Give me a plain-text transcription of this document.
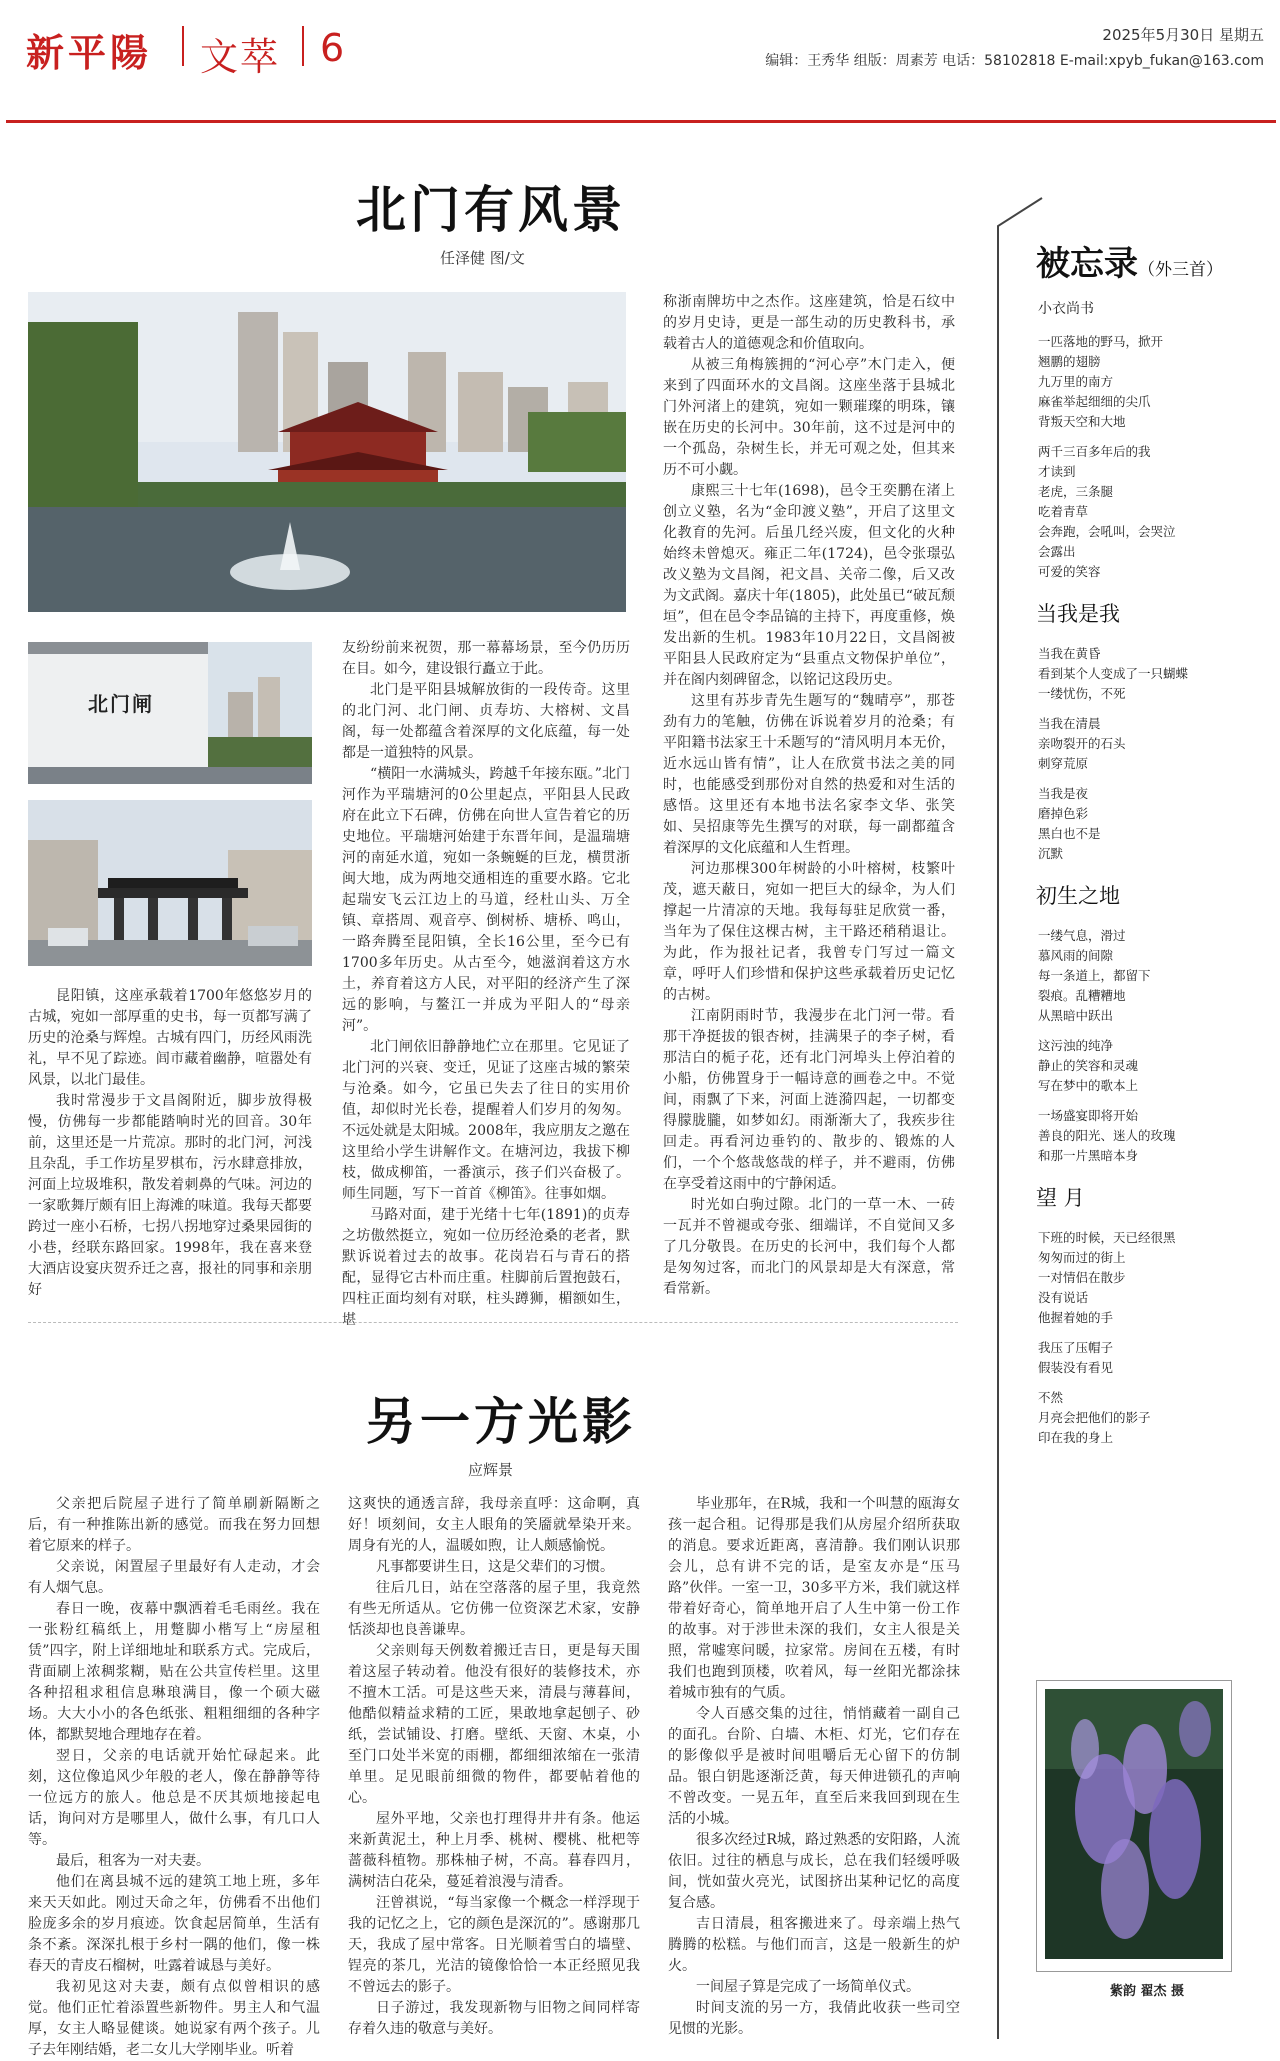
新平陽 文萃 6	2025年5月30日 星期五
编辑：王秀华 组版：周素芳 电话：58102818 E-mail:xpyb_fukan@163.com
北门有风景
任泽健 图/文
北门闸

昆阳镇，这座承载着1700年悠悠岁月的古城，宛如一部厚重的史书，每一页都写满了历史的沧桑与辉煌。古城有四门，历经风雨洗礼，早不见了踪迹。闾市藏着幽静，喧嚣处有风景，以北门最佳。

我时常漫步于文昌阁附近，脚步放得极慢，仿佛每一步都能踏响时光的回音。30年前，这里还是一片荒凉。那时的北门河，河浅且杂乱，手工作坊星罗棋布，污水肆意排放，河面上垃圾堆积，散发着刺鼻的气味。河边的一家歌舞厅颇有旧上海滩的味道。我每天都要跨过一座小石桥，七拐八拐地穿过桑果园街的小巷，经联东路回家。1998年，我在喜来登大酒店设宴庆贺乔迁之喜，报社的同事和亲朋好

友纷纷前来祝贺，那一幕幕场景，至今仍历历在目。如今，建设银行矗立于此。

北门是平阳县城解放街的一段传奇。这里的北门河、北门闸、贞寿坊、大榕树、文昌阁，每一处都蕴含着深厚的文化底蕴，每一处都是一道独特的风景。

“横阳一水满城头，跨越千年接东瓯。”北门河作为平瑞塘河的0公里起点，平阳县人民政府在此立下石碑，仿佛在向世人宣告着它的历史地位。平瑞塘河始建于东晋年间，是温瑞塘河的南延水道，宛如一条蜿蜒的巨龙，横贯浙闽大地，成为两地交通相连的重要水路。它北起瑞安飞云江边上的马道，经杜山头、万全镇、章搭周、观音亭、倒树桥、塘桥、鸣山，一路奔腾至昆阳镇，全长16公里，至今已有1700多年历史。从古至今，她滋润着这方水土，养育着这方人民，对平阳的经济产生了深远的影响，与鳌江一并成为平阳人的“母亲河”。

北门闸依旧静静地伫立在那里。它见证了北门河的兴衰、变迁，见证了这座古城的繁荣与沧桑。如今，它虽已失去了往日的实用价值，却似时光长卷，提醒着人们岁月的匆匆。不远处就是太阳城。2008年，我应朋友之邀在这里给小学生讲解作文。在塘河边，我拔下柳枝，做成柳笛，一番演示，孩子们兴奋极了。师生同题，写下一首首《柳笛》。往事如烟。

马路对面，建于光绪十七年(1891)的贞寿之坊傲然挺立，宛如一位历经沧桑的老者，默默诉说着过去的故事。花岗岩石与青石的搭配，显得它古朴而庄重。柱脚前后置抱鼓石，四柱正面均刻有对联，柱头蹲狮，楣额如生，堪

称浙南牌坊中之杰作。这座建筑，恰是石纹中的岁月史诗，更是一部生动的历史教科书，承载着古人的道德观念和价值取向。

从被三角梅簇拥的“河心亭”木门走入，便来到了四面环水的文昌阁。这座坐落于县城北门外河渚上的建筑，宛如一颗璀璨的明珠，镶嵌在历史的长河中。30年前，这不过是河中的一个孤岛，杂树生长，并无可观之处，但其来历不可小觑。

康熙三十七年(1698)，邑令王奕鹏在渚上创立义塾，名为“金印渡义塾”，开启了这里文化教育的先河。后虽几经兴废，但文化的火种始终未曾熄灭。雍正二年(1724)，邑令张璟弘改义塾为文昌阁，祀文昌、关帝二像，后又改为文武阁。嘉庆十年(1805)，此处虽已“破瓦颓垣”，但在邑令李品镐的主持下，再度重修，焕发出新的生机。1983年10月22日，文昌阁被平阳县人民政府定为“县重点文物保护单位”，并在阁内刻碑留念，以铭记这段历史。

这里有苏步青先生题写的“魏晴亭”，那苍劲有力的笔触，仿佛在诉说着岁月的沧桑；有平阳籍书法家王十禾题写的“清风明月本无价，近水远山皆有情”，让人在欣赏书法之美的同时，也能感受到那份对自然的热爱和对生活的感悟。这里还有本地书法名家李文华、张笑如、吴招康等先生撰写的对联，每一副都蕴含着深厚的文化底蕴和人生哲理。

河边那棵300年树龄的小叶榕树，枝繁叶茂，遮天蔽日，宛如一把巨大的绿伞，为人们撑起一片清凉的天地。我每每驻足欣赏一番，当年为了保住这棵古树，主干路还稍稍退让。为此，作为报社记者，我曾专门写过一篇文章，呼吁人们珍惜和保护这些承载着历史记忆的古树。

江南阴雨时节，我漫步在北门河一带。看那干净挺拔的银杏树，挂满果子的李子树，看那洁白的栀子花，还有北门河埠头上停泊着的小船，仿佛置身于一幅诗意的画卷之中。不觉间，雨飘了下来，河面上涟漪四起，一切都变得朦胧朧，如梦如幻。雨渐渐大了，我疾步往回走。再看河边垂钓的、散步的、锻炼的人们，一个个悠哉悠哉的样子，并不避雨，仿佛在享受着这雨中的宁静闲适。

时光如白驹过隙。北门的一草一木、一砖一瓦并不曾褪或夸张、细端详，不自觉间又多了几分敬畏。在历史的长河中，我们每个人都是匆匆过客，而北门的风景却是大有深意，常看常新。

另一方光影
应辉景

父亲把后院屋子进行了简单刷新隔断之后，有一种推陈出新的感觉。而我在努力回想着它原来的样子。

父亲说，闲置屋子里最好有人走动，才会有人烟气息。

春日一晚，夜幕中飘洒着毛毛雨丝。我在一张粉红稿纸上，用蹩脚小楷写上“房屋租赁”四字，附上详细地址和联系方式。完成后，背面刷上浓稠浆糊，贴在公共宣传栏里。这里各种招租求租信息琳琅满目，像一个硕大磁场。大大小小的各色纸张、粗粗细细的各种字体，都默契地合理地存在着。

翌日，父亲的电话就开始忙碌起来。此刻，这位像追风少年般的老人，像在静静等待一位远方的旅人。他总是不厌其烦地接起电话，询问对方是哪里人，做什么事，有几口人等。

最后，租客为一对夫妻。

他们在离县城不远的建筑工地上班，多年来天天如此。刚过天命之年，仿佛看不出他们脸庞多余的岁月痕迹。饮食起居简单，生活有条不紊。深深扎根于乡村一隅的他们，像一株春天的青皮石榴树，吐露着诚恳与美好。

我初见这对夫妻，颇有点似曾相识的感觉。他们正忙着添置些新物件。男主人和气温厚，女主人略显健谈。她说家有两个孩子。儿子去年刚结婚，老二女儿大学刚毕业。听着

这爽快的通透言辞，我母亲直呼：这命啊，真好！顷刻间，女主人眼角的笑靥就晕染开来。周身有光的人，温暖如煦，让人颇感愉悦。

凡事都要讲生日，这是父辈们的习惯。

往后几日，站在空落落的屋子里，我竟然有些无所适从。它仿佛一位资深艺术家，安静恬淡却也良善谦卑。

父亲则每天例数着搬迁吉日，更是每天围着这屋子转动着。他没有很好的装修技术，亦不擅木工活。可是这些天来，清晨与薄暮间，他酷似精益求精的工匠，果敢地拿起刨子、砂纸，尝试铺设、打磨。壁纸、天窗、木桌，小至门口处半米宽的雨棚，都细细浓缩在一张清单里。足见眼前细微的物件，都要帖着他的心。

屋外平地，父亲也打理得井井有条。他运来新黄泥土，种上月季、桃树、樱桃、枇杷等蔷薇科植物。那株柚子树，不高。暮春四月，满树洁白花朵，蔓延着浪漫与清香。

汪曾祺说，“每当家像一个概念一样浮现于我的记忆之上，它的颜色是深沉的”。感谢那几天，我成了屋中常客。日光顺着雪白的墙壁、锃亮的茶几，光洁的镜像恰恰一本正经照见我不曾远去的影子。

日子游过，我发现新物与旧物之间同样寄存着久违的敬意与美好。

毕业那年，在R城，我和一个叫慧的瓯海女孩一起合租。记得那是我们从房屋介绍所获取的消息。要求近距离，喜清静。我们刚认识那会儿，总有讲不完的话，是室友亦是“压马路”伙伴。一室一卫，30多平方米，我们就这样带着好奇心，简单地开启了人生中第一份工作的故事。对于涉世未深的我们，女主人很是关照，常嘘寒问暖，拉家常。房间在五楼，有时我们也跑到顶楼，吹着风，每一丝阳光都涂抹着城市独有的气质。

令人百感交集的过往，悄悄藏着一副自己的面孔。台阶、白墙、木柜、灯光，它们存在的影像似乎是被时间咀嚼后无心留下的仿制品。银白钥匙逐渐泛黄，每天伸进锁孔的声响不曾改变。一晃五年，直至后来我回到现在生活的小城。

很多次经过R城，路过熟悉的安阳路，人流依旧。过往的栖息与成长，总在我们轻缓呼吸间，恍如萤火亮光，试图挤出某种记忆的高度复合感。

吉日清晨，租客搬进来了。母亲端上热气腾腾的松糕。与他们而言，这是一般新生的炉火。

一间屋子算是完成了一场简单仪式。

时间支流的另一方，我倩此收获一些司空见惯的光影。

被忘录（外三首）
小衣尚书
一匹落地的野马，掀开
翘鹏的翅膀
九万里的南方
麻雀举起细细的尖爪
背叛天空和大地
两千三百多年后的我
才读到
老虎，三条腿
吃着青草
会奔跑，会吼叫，会哭泣
会露出
可爱的笑容
当我是我
当我在黄昏
看到某个人变成了一只蝴蝶
一缕忧伤，不死
当我在清晨
亲吻裂开的石头
刺穿荒原
当我是夜
磨掉色彩
黑白也不是
沉默
初生之地
一缕气息，滑过
慕风雨的间隙
每一条道上，都留下
裂痕。乱糟糟地
从黑暗中跃出
这污浊的纯净
静止的笑容和灵魂
写在梦中的歌本上
一场盛宴即将开始
善良的阳光、迷人的玫瑰
和那一片黑暗本身
望 月
下班的时候，天已经很黑
匆匆而过的街上
一对情侣在散步
没有说话
他握着她的手
我压了压帽子
假装没有看见
不然
月亮会把他们的影子
印在我的身上
紫韵 翟杰 摄
